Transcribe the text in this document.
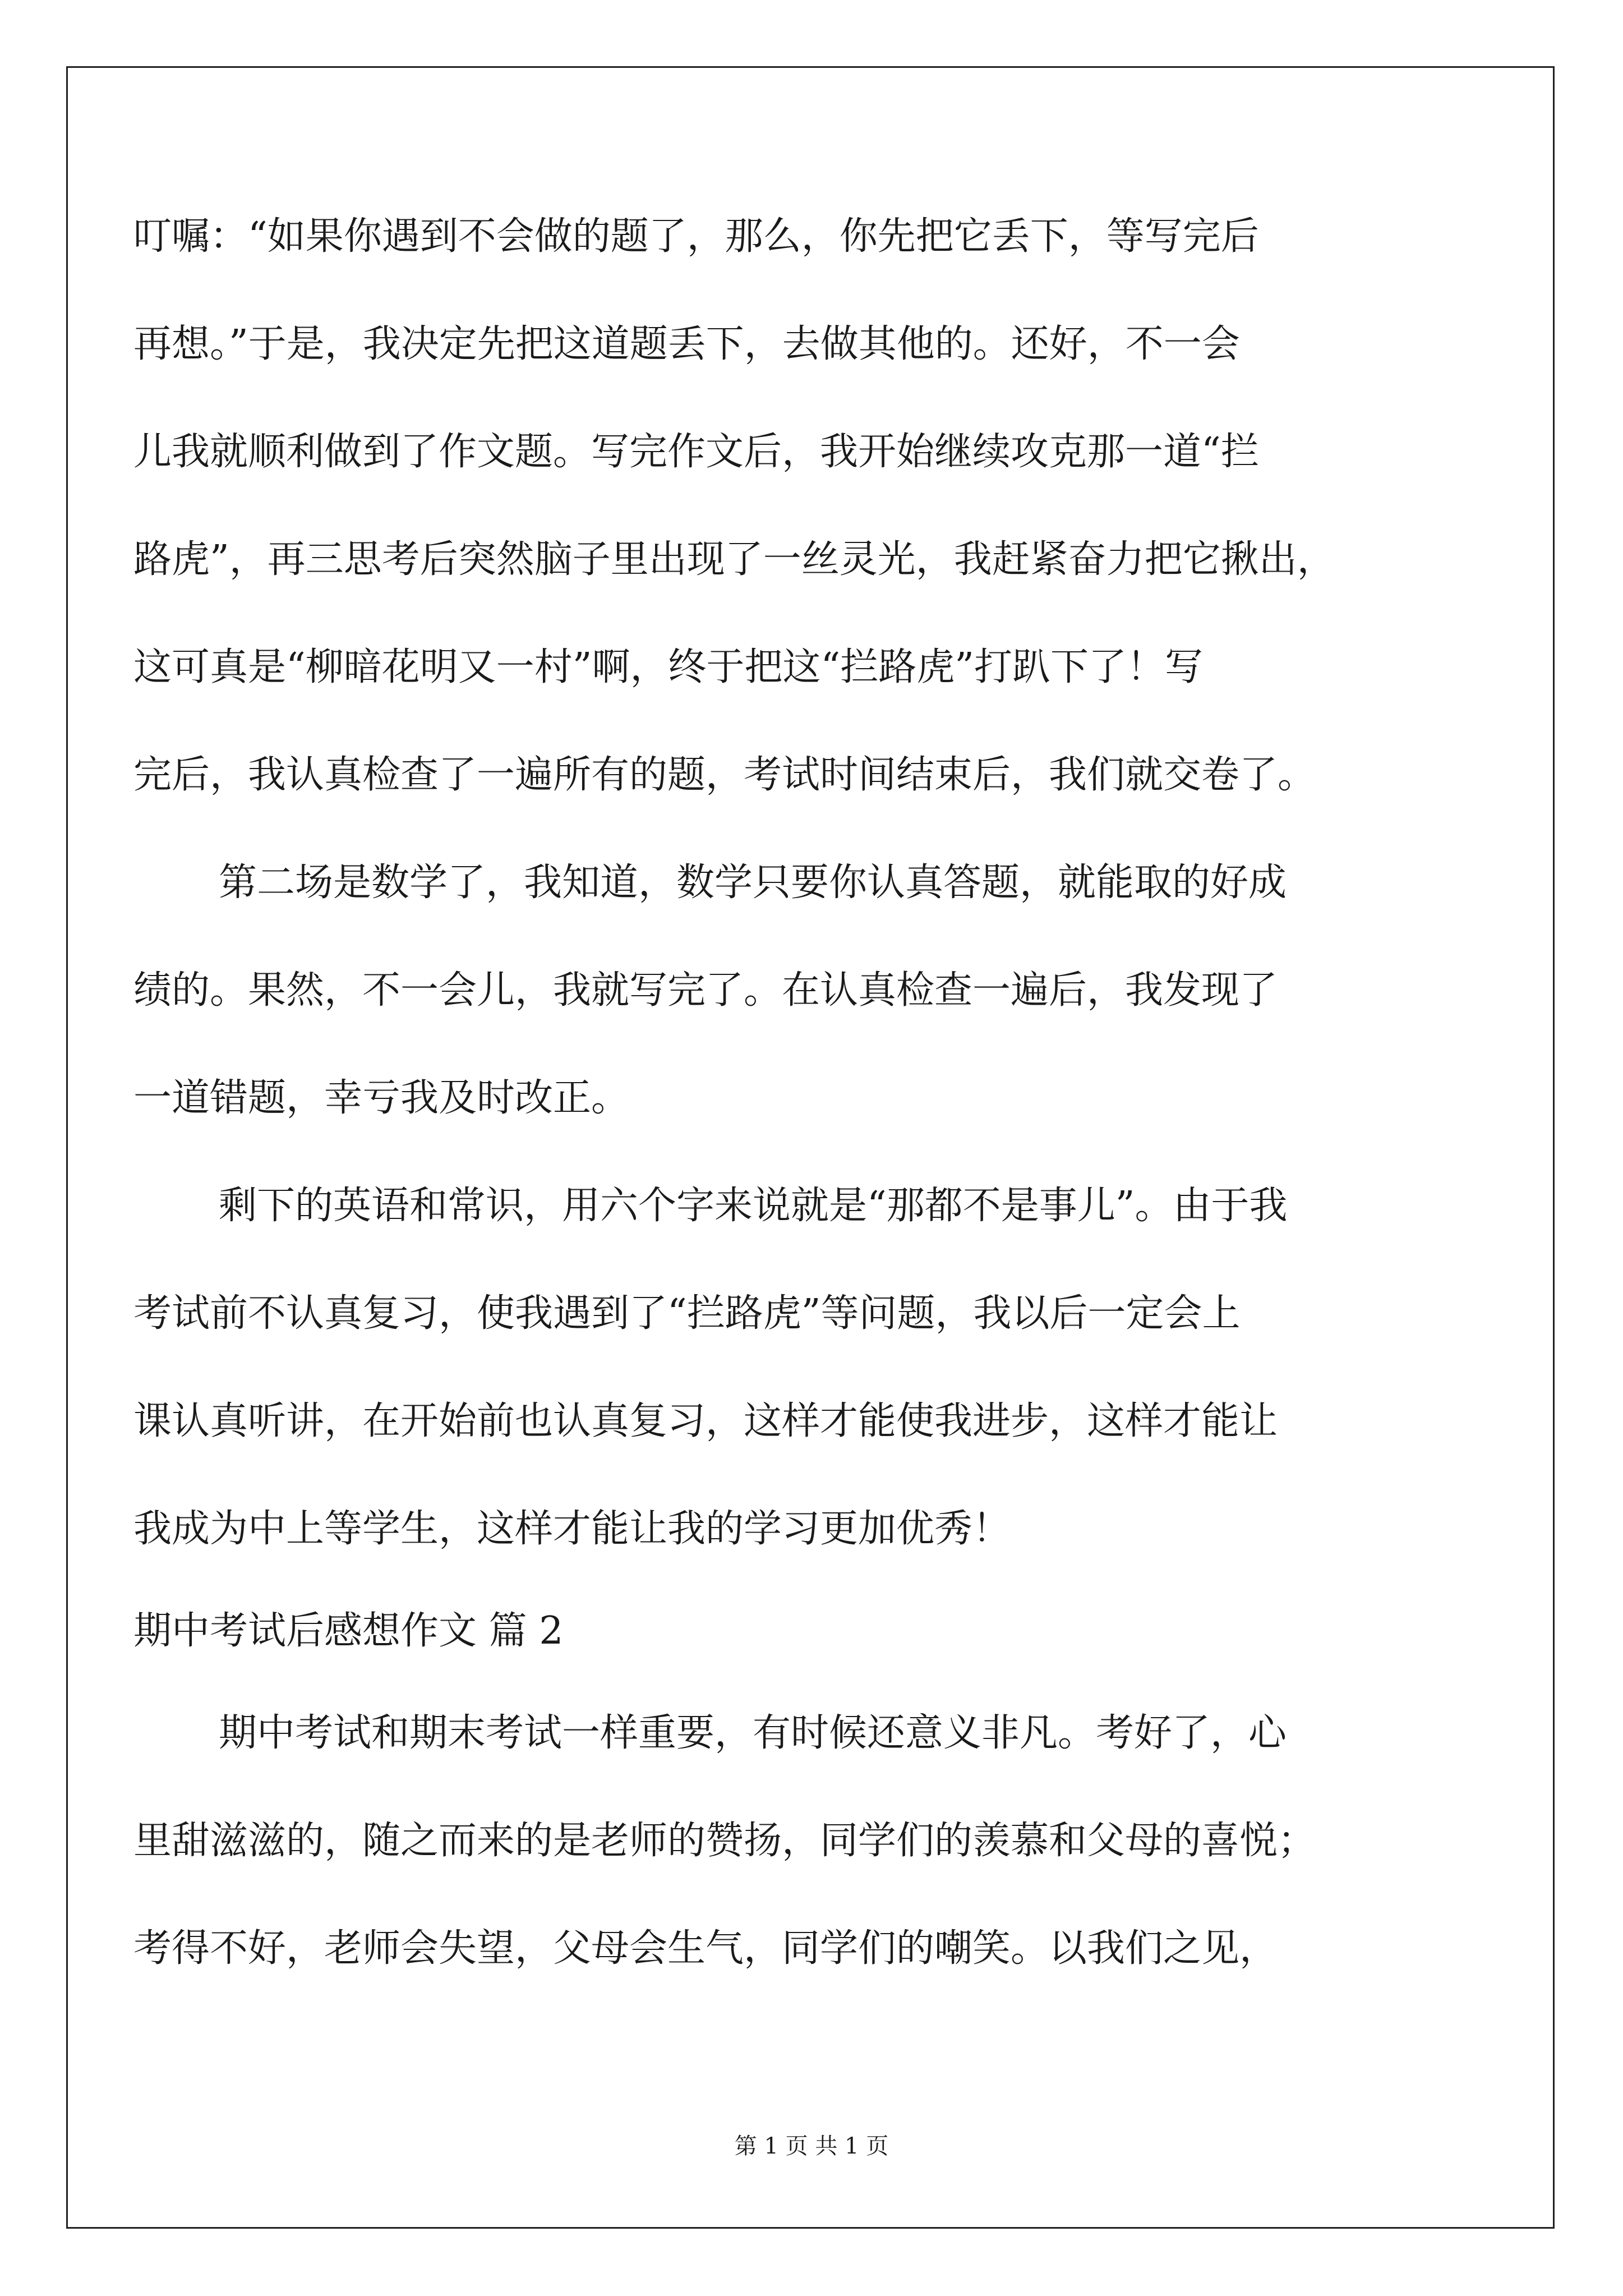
叮嘱：“如果你遇到不会做的题了，那么，你先把它丢下，等写完后
再想。”于是，我决定先把这道题丢下，去做其他的。还好，不一会
儿我就顺利做到了作文题。写完作文后，我开始继续攻克那一道“拦
路虎”，再三思考后突然脑子里出现了一丝灵光，我赶紧奋力把它揪出，
这可真是“柳暗花明又一村”啊，终于把这“拦路虎”打趴下了！写
完后，我认真检查了一遍所有的题，考试时间结束后，我们就交卷了。
第二场是数学了，我知道，数学只要你认真答题，就能取的好成
绩的。果然，不一会儿，我就写完了。在认真检查一遍后，我发现了
一道错题，幸亏我及时改正。
剩下的英语和常识，用六个字来说就是“那都不是事儿”。由于我
考试前不认真复习，使我遇到了“拦路虎”等问题，我以后一定会上
课认真听讲，在开始前也认真复习，这样才能使我进步，这样才能让
我成为中上等学生，这样才能让我的学习更加优秀！
期中考试后感想作文 篇 2
期中考试和期末考试一样重要，有时候还意义非凡。考好了，心
里甜滋滋的，随之而来的是老师的赞扬，同学们的羡慕和父母的喜悦；
考得不好，老师会失望，父母会生气，同学们的嘲笑。以我们之见，
第 1 页 共 1 页
